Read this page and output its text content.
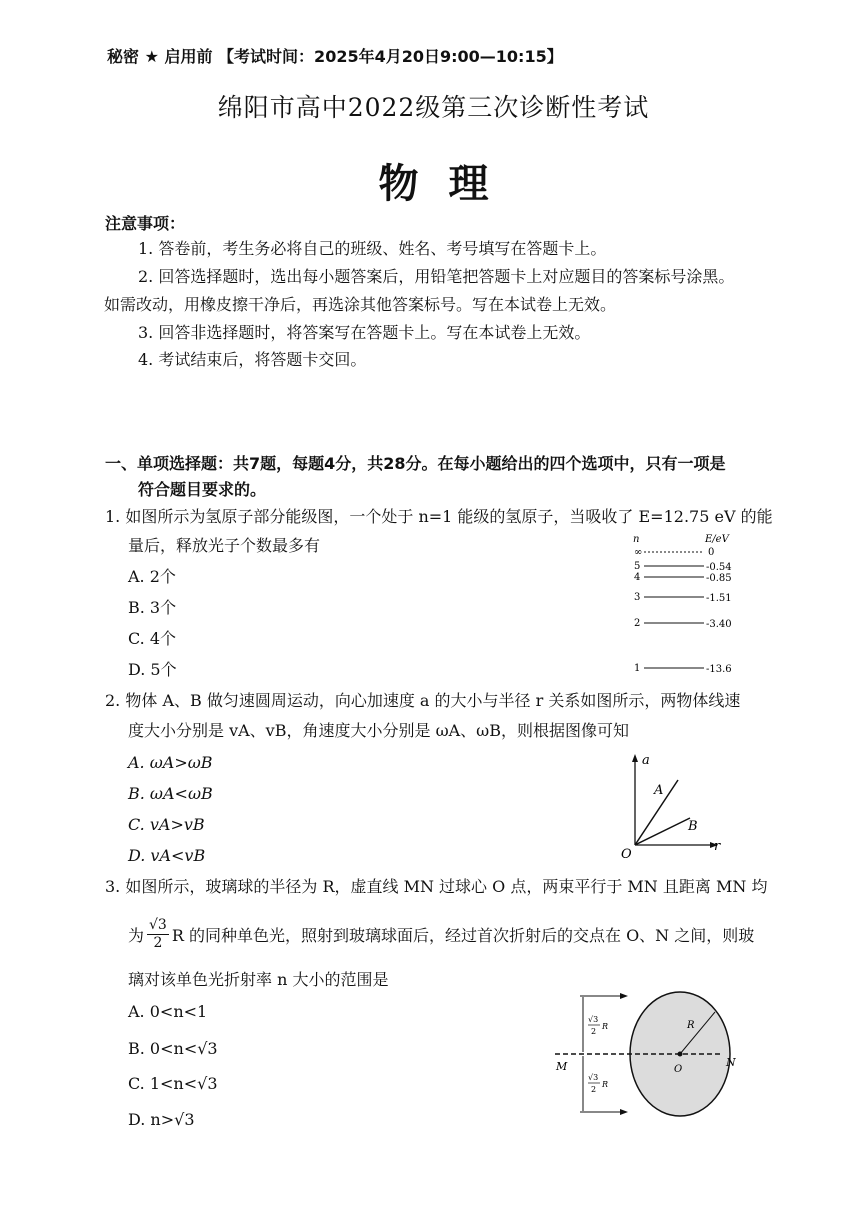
秘密 ★ 启用前 【考试时间：2025年4月20日9:00—10:15】
绵阳市高中2022级第三次诊断性考试
物理
注意事项：
1. 答卷前，考生务必将自己的班级、姓名、考号填写在答题卡上。
2. 回答选择题时，选出每小题答案后，用铅笔把答题卡上对应题目的答案标号涂黑。
如需改动，用橡皮擦干净后，再选涂其他答案标号。写在本试卷上无效。
3. 回答非选择题时，将答案写在答题卡上。写在本试卷上无效。
4. 考试结束后，将答题卡交回。
一、单项选择题：共7题，每题4分，共28分。在每小题给出的四个选项中，只有一项是
符合题目要求的。
1. 如图所示为氢原子部分能级图，一个处于 n=1 能级的氢原子，当吸收了 E=12.75 eV 的能
量后，释放光子个数最多有
A. 2个
B. 3个
C. 4个
D. 5个
n	E/eV
∞	0
5	-0.54
4	-0.85
3	-1.51
2	-3.40
1	-13.6
2. 物体 A、B 做匀速圆周运动，向心加速度 a 的大小与半径 r 关系如图所示，两物体线速
度大小分别是 vA、vB，角速度大小分别是 ωA、ωB，则根据图像可知
A. ωA>ωB
B. ωA<ωB
C. vA>vB
D. vA<vB
a
r
O
A
B
3. 如图所示，玻璃球的半径为 R，虚直线 MN 过球心 O 点，两束平行于 MN 且距离 MN 均
为 $\frac{√3}{2}$ R 的同种单色光，照射到玻璃球面后，经过首次折射后的交点在 O、N 之间，则玻
璃对该单色光折射率 n 大小的范围是
A. 0<n<1
B. 0<n<√3
C. 1<n<√3
D. n>√3
R
O
M	N
√3
2
R
√3
2
R
